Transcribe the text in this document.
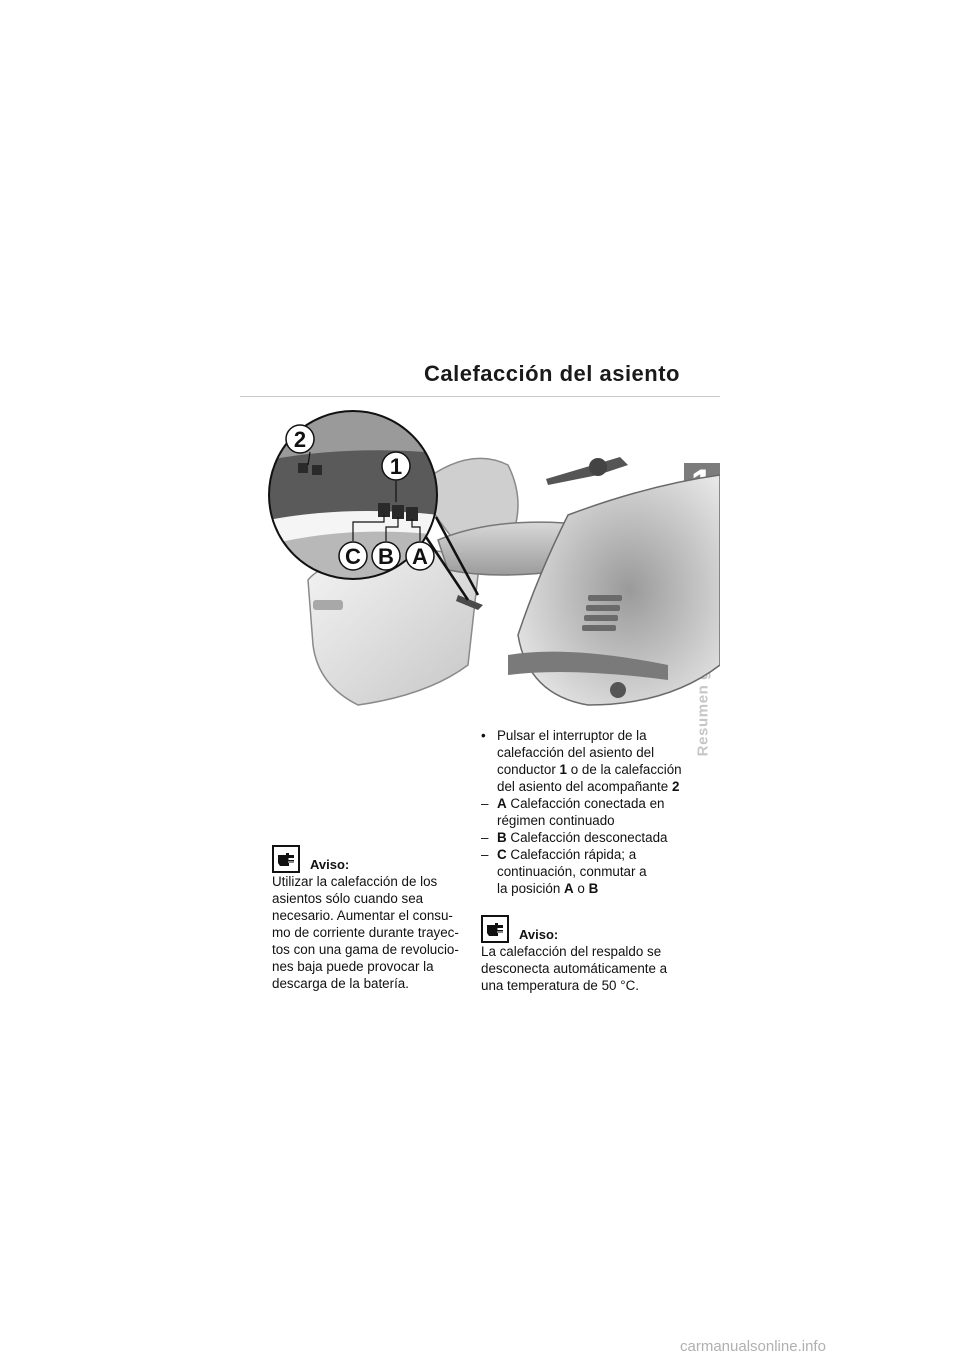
Calefacción del asiento
2
1
C B A
• Pulsar el interruptor de la
calefacción del asiento del
conductor 1 o de la calefacción
del asiento del acompañante 2
– A Calefacción conectada en
régimen continuado
– B Calefacción desconectada
– C Calefacción rápida; a
continuación, conmutar a
la posición A o B
Aviso:
Utilizar la calefacción de los
asientos sólo cuando sea
necesario. Aumentar el consu-
mo de corriente durante trayec-
tos con una gama de revolucio-
nes baja puede provocar la
descarga de la batería.
Aviso:
La calefacción del respaldo se
desconecta automáticamente a
una temperatura de 50 °C.
carmanualsonline.info
